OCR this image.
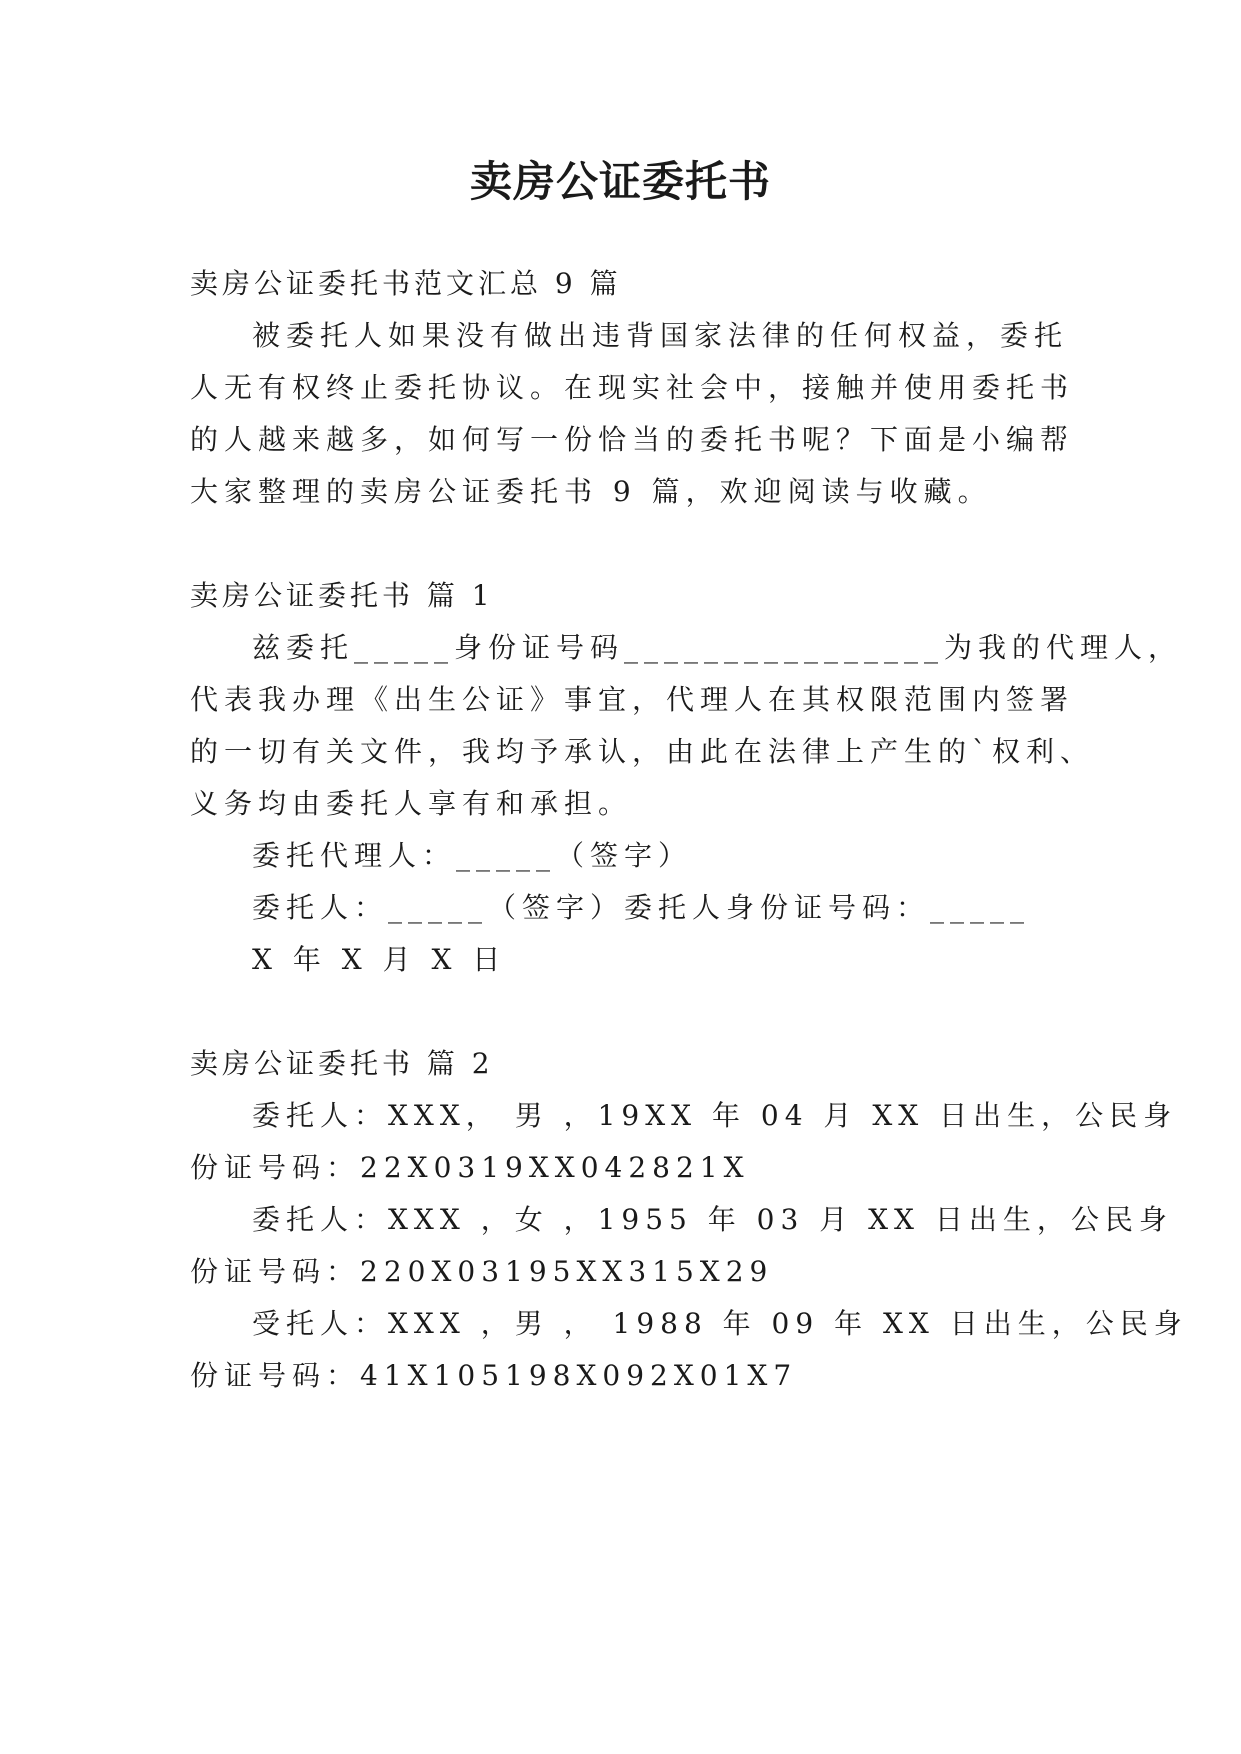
卖房公证委托书
卖房公证委托书范文汇总 9 篇
被委托人如果没有做出违背国家法律的任何权益，委托
人无有权终止委托协议。在现实社会中，接触并使用委托书
的人越来越多，如何写一份恰当的委托书呢？下面是小编帮
大家整理的卖房公证委托书 9 篇，欢迎阅读与收藏。
卖房公证委托书 篇 1
兹委托_____身份证号码________________为我的代理人，
代表我办理《出生公证》事宜，代理人在其权限范围内签署
的一切有关文件，我均予承认，由此在法律上产生的`权利、
义务均由委托人享有和承担。
委托代理人：_____（签字）
委托人：_____（签字）委托人身份证号码：_____
X 年 X 月 X 日
卖房公证委托书 篇 2
委托人：XXX， 男 ，19XX 年 04 月 XX 日出生，公民身
份证号码：22X0319XX042821X
委托人：XXX ，女 ，1955 年 03 月 XX 日出生，公民身
份证号码：220X03195XX315X29
受托人：XXX ，男 ， 1988 年 09 年 XX 日出生，公民身
份证号码：41X105198X092X01X7
